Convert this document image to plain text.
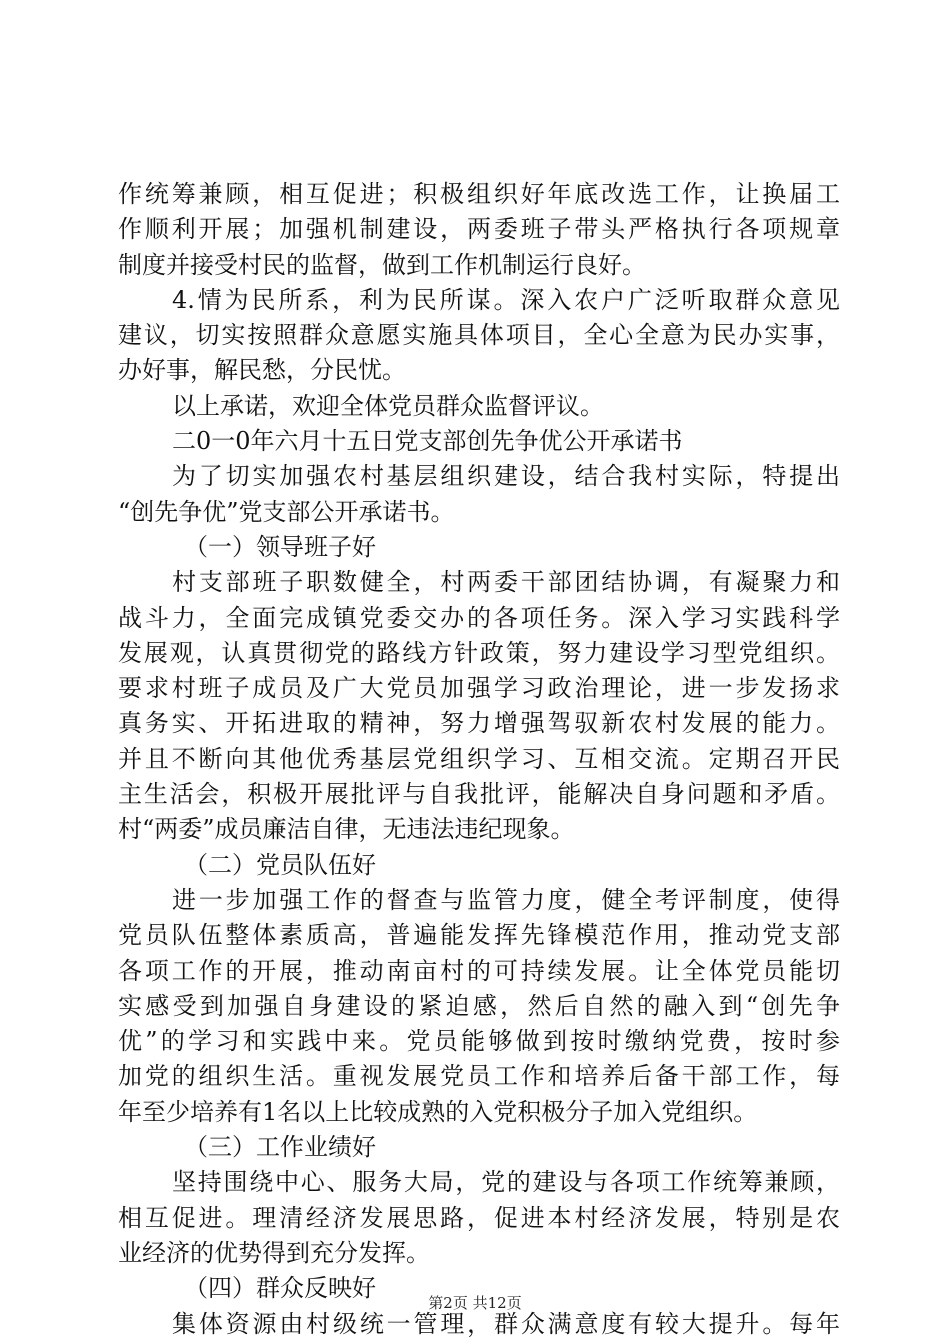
作统筹兼顾，相互促进；积极组织好年底改选工作，让换届工
作顺利开展；加强机制建设，两委班子带头严格执行各项规章
制度并接受村民的监督，做到工作机制运行良好。
4.情为民所系，利为民所谋。深入农户广泛听取群众意见
建议，切实按照群众意愿实施具体项目，全心全意为民办实事，
办好事，解民愁，分民忧。
以上承诺，欢迎全体党员群众监督评议。
二0一0年六月十五日党支部创先争优公开承诺书
为了切实加强农村基层组织建设，结合我村实际，特提出
“创先争优”党支部公开承诺书。
（一）领导班子好
村支部班子职数健全，村两委干部团结协调，有凝聚力和
战斗力，全面完成镇党委交办的各项任务。深入学习实践科学
发展观，认真贯彻党的路线方针政策，努力建设学习型党组织。
要求村班子成员及广大党员加强学习政治理论，进一步发扬求
真务实、开拓进取的精神，努力增强驾驭新农村发展的能力。
并且不断向其他优秀基层党组织学习、互相交流。定期召开民
主生活会，积极开展批评与自我批评，能解决自身问题和矛盾。
村“两委”成员廉洁自律，无违法违纪现象。
（二）党员队伍好
进一步加强工作的督查与监管力度，健全考评制度，使得
党员队伍整体素质高，普遍能发挥先锋模范作用，推动党支部
各项工作的开展，推动南亩村的可持续发展。让全体党员能切
实感受到加强自身建设的紧迫感，然后自然的融入到“创先争
优”的学习和实践中来。党员能够做到按时缴纳党费，按时参
加党的组织生活。重视发展党员工作和培养后备干部工作，每
年至少培养有1名以上比较成熟的入党积极分子加入党组织。
（三）工作业绩好
坚持围绕中心、服务大局，党的建设与各项工作统筹兼顾，
相互促进。理清经济发展思路，促进本村经济发展，特别是农
业经济的优势得到充分发挥。
（四）群众反映好
集体资源由村级统一管理，群众满意度有较大提升。每年
第2页 共12页
